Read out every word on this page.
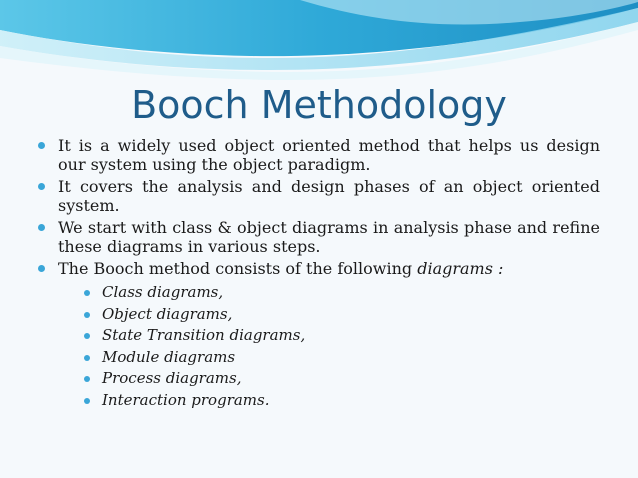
Booch Methodology
It is a widely used object oriented method that helps us design our system using the object paradigm.
It covers the analysis and design phases of an object oriented system.
We start with class & object diagrams in analysis phase and refine these diagrams in various steps.
The Booch method consists of the following diagrams :
Class diagrams,
Object diagrams,
State Transition diagrams,
Module diagrams
Process diagrams,
Interaction programs.
